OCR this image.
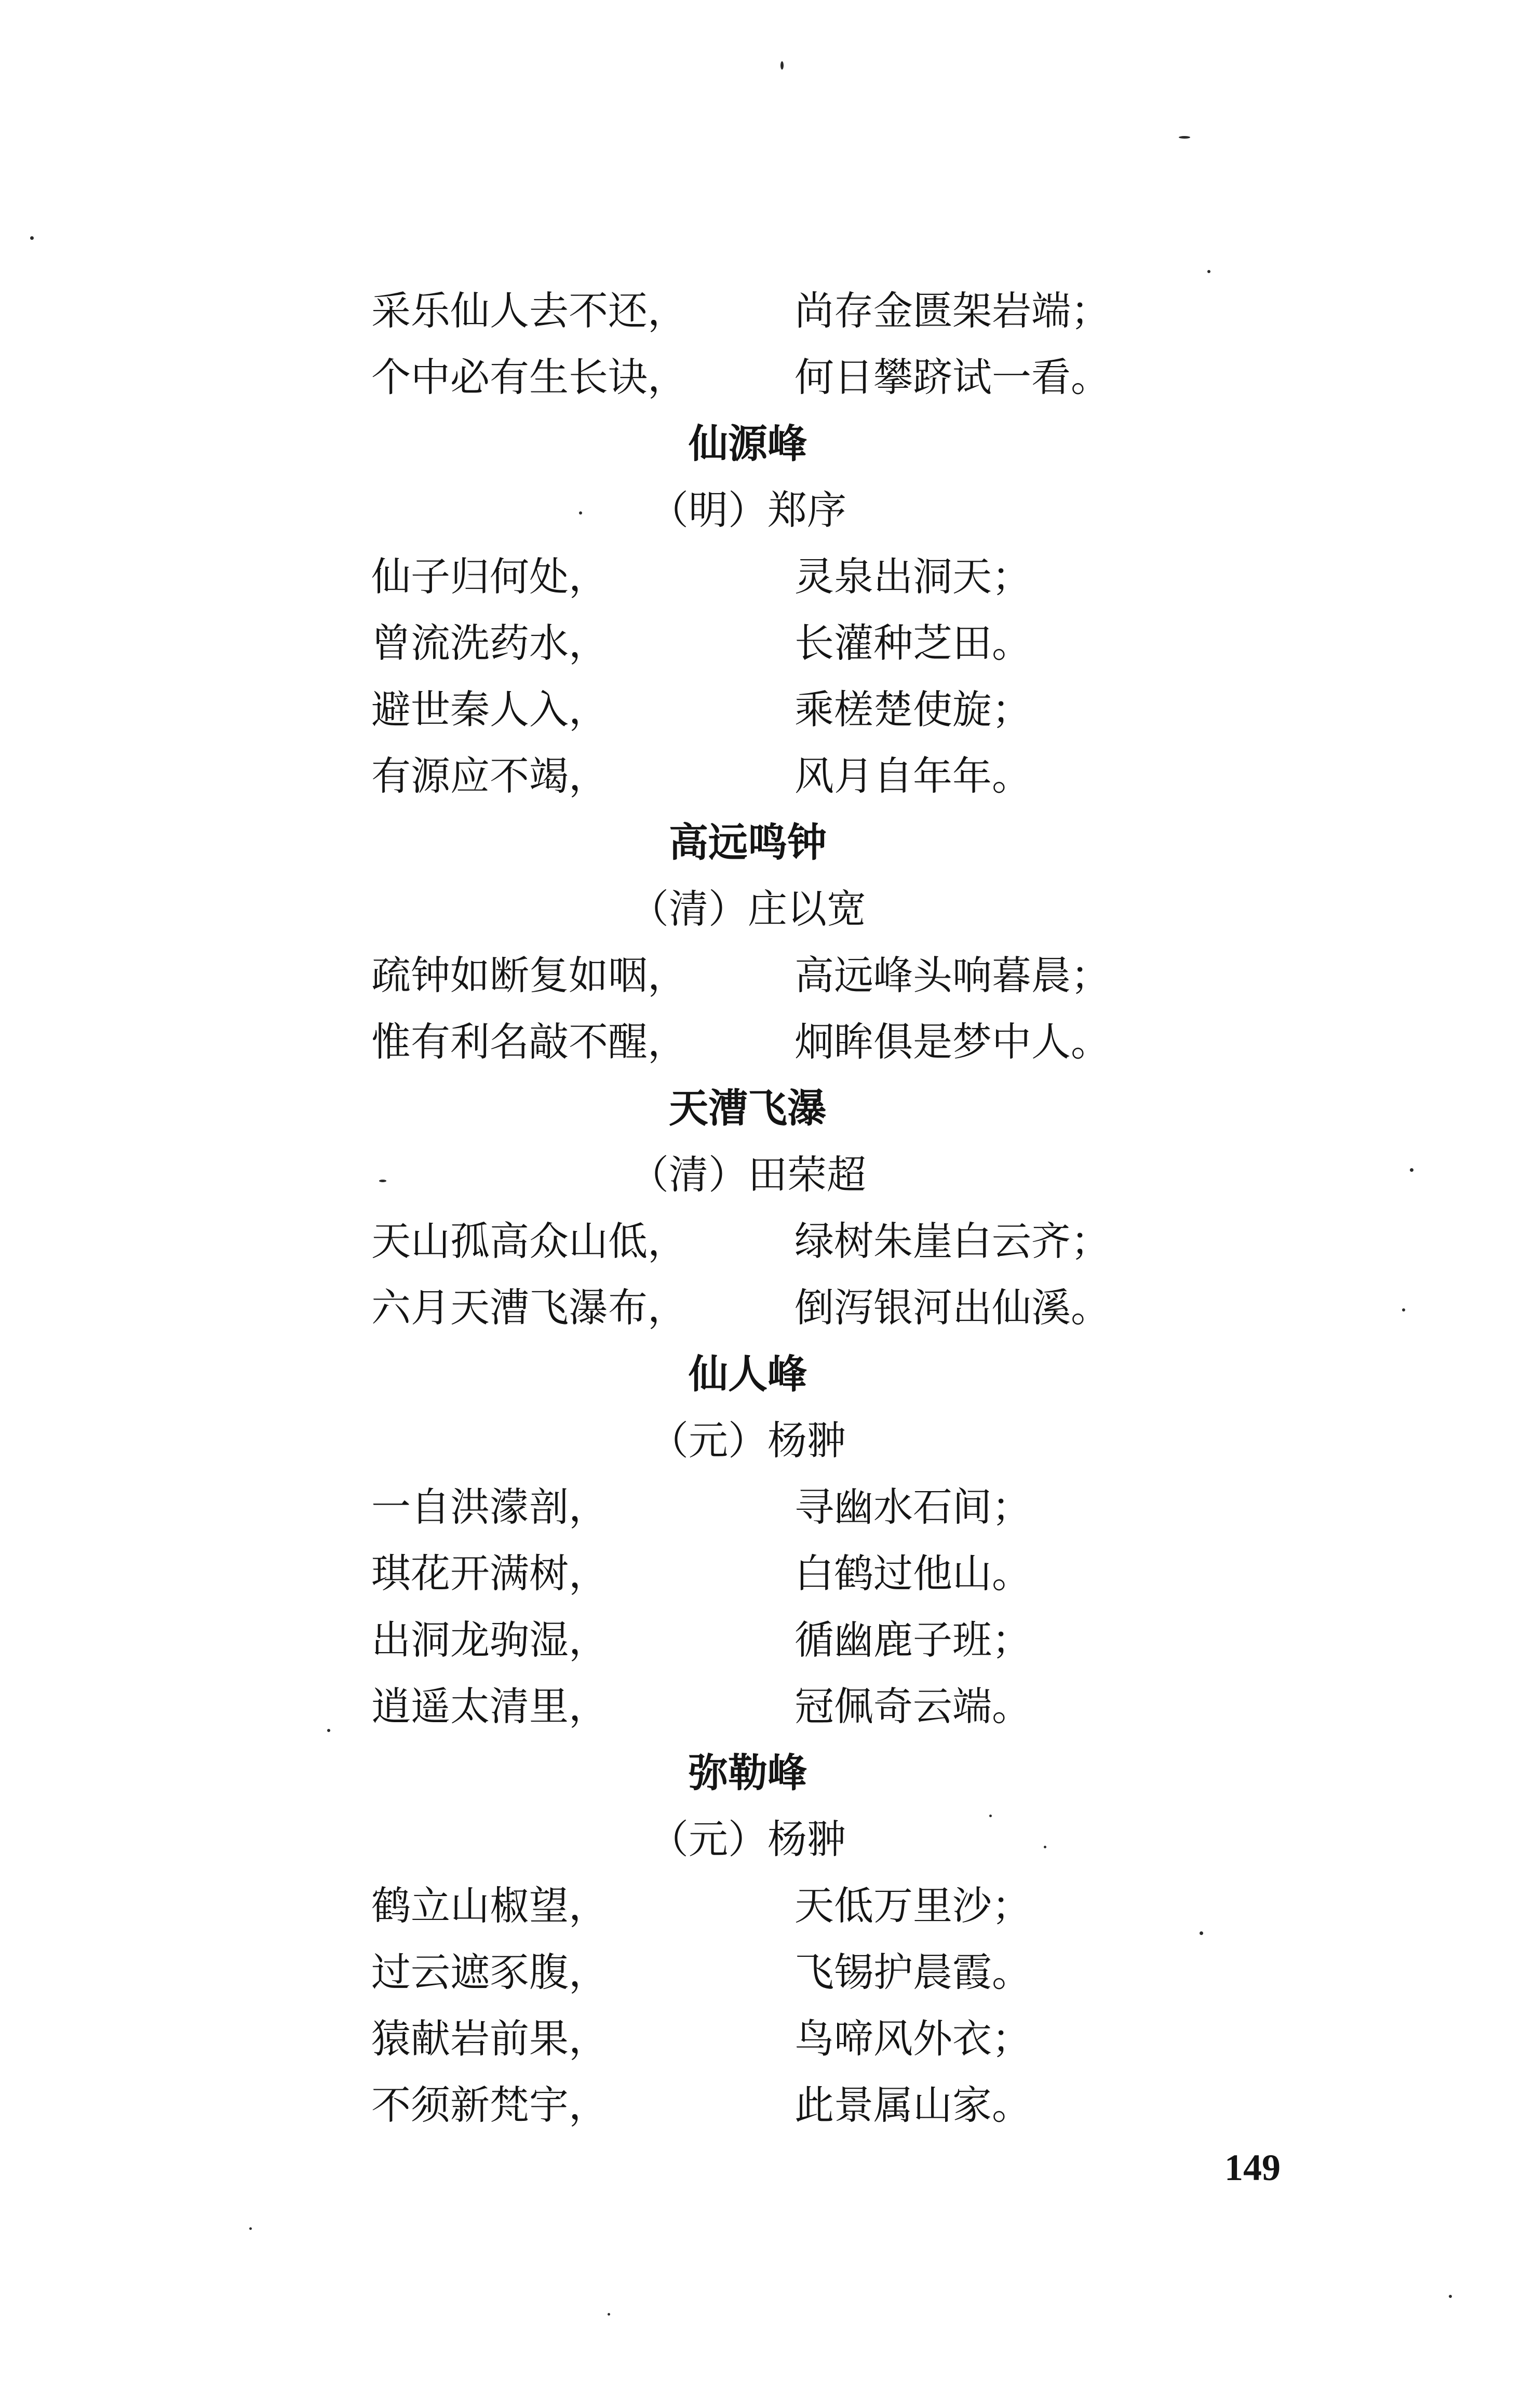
采乐仙人去不还，	尚存金匮架岩端；
个中必有生长诀，	何日攀跻试一看。
仙源峰
（明）郑序
仙子归何处，	灵泉出洞天；
曾流洗药水，	长灌种芝田。
避世秦人入，	乘槎楚使旋；
有源应不竭，	风月自年年。
高远鸣钟
（清）庄以宽
疏钟如断复如咽，	高远峰头响暮晨；
惟有利名敲不醒，	炯眸俱是梦中人。
天漕飞瀑
（清）田荣超
天山孤高众山低，	绿树朱崖白云齐；
六月天漕飞瀑布，	倒泻银河出仙溪。
仙人峰
（元）杨翀
一自洪濛剖，	寻幽水石间；
琪花开满树，	白鹤过他山。
出洞龙驹湿，	循幽鹿子班；
逍遥太清里，	冠佩奇云端。
弥勒峰
（元）杨翀
鹤立山椒望，	天低万里沙；
过云遮豕腹，	飞锡护晨霞。
猿献岩前果，	鸟啼风外衣；
不须新梵宇，	此景属山家。
149
